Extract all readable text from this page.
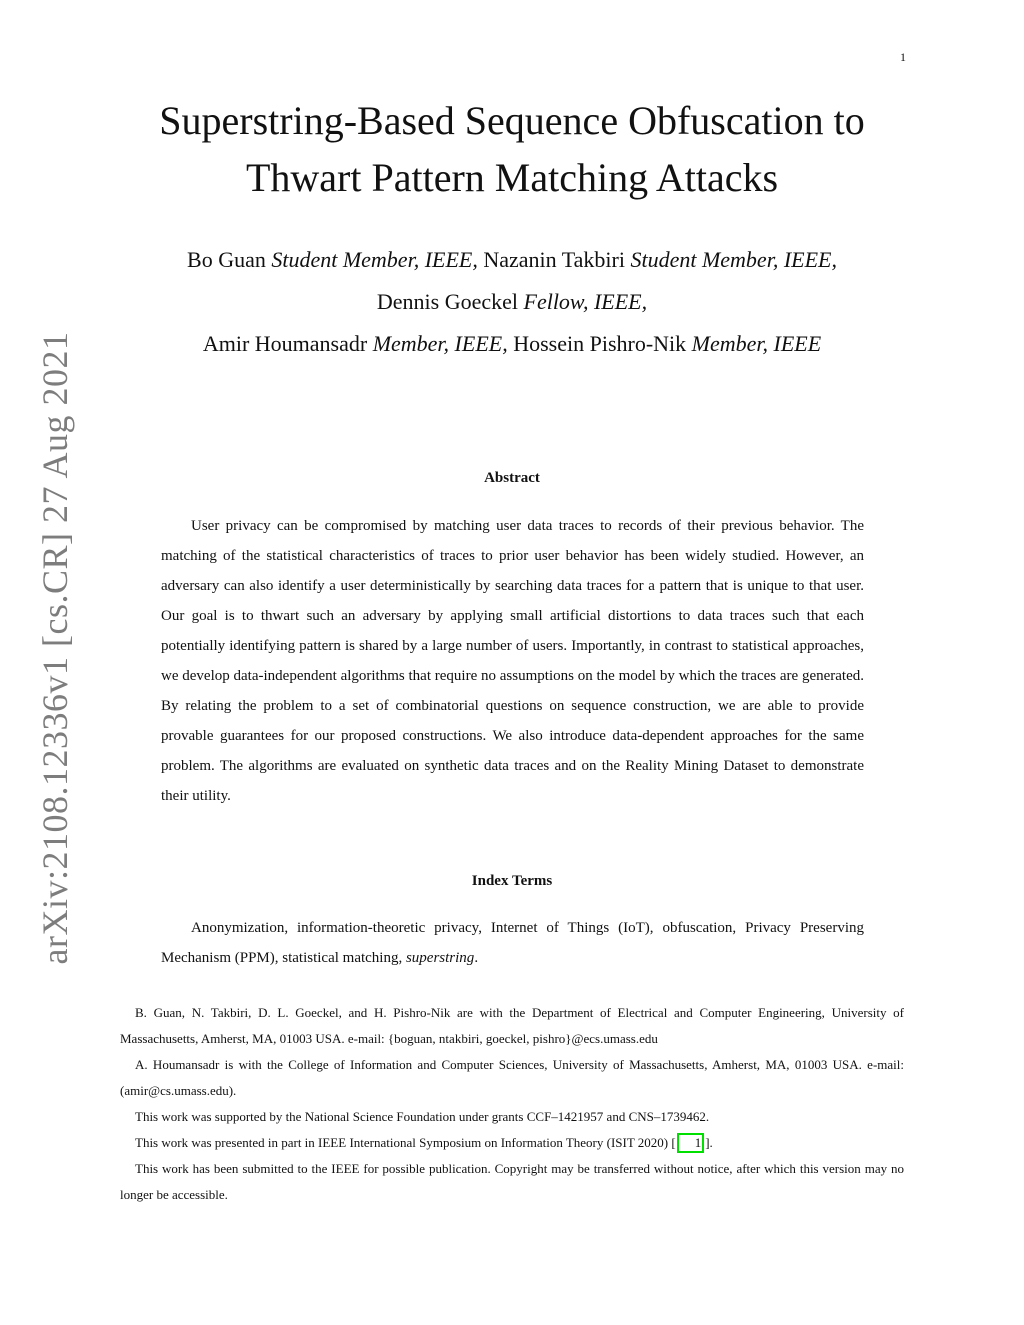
1
arXiv:2108.12336v1 [cs.CR] 27 Aug 2021
Superstring-Based Sequence Obfuscation to
Thwart Pattern Matching Attacks
Bo Guan Student Member, IEEE, Nazanin Takbiri Student Member, IEEE,
Dennis Goeckel Fellow, IEEE,
Amir Houmansadr Member, IEEE, Hossein Pishro-Nik Member, IEEE
Abstract

User privacy can be compromised by matching user data traces to records of their previous behavior. The matching of the statistical characteristics of traces to prior user behavior has been widely studied. However, an adversary can also identify a user deterministically by searching data traces for a pattern that is unique to that user. Our goal is to thwart such an adversary by applying small artificial distortions to data traces such that each potentially identifying pattern is shared by a large number of users. Importantly, in contrast to statistical approaches, we develop data-independent algorithms that require no assumptions on the model by which the traces are generated. By relating the problem to a set of combinatorial questions on sequence construction, we are able to provide provable guarantees for our proposed constructions. We also introduce data-dependent approaches for the same problem. The algorithms are evaluated on synthetic data traces and on the Reality Mining Dataset to demonstrate their utility.

Index Terms

Anonymization, information-theoretic privacy, Internet of Things (IoT), obfuscation, Privacy Preserving Mechanism (PPM), statistical matching, superstring.

B. Guan, N. Takbiri, D. L. Goeckel, and H. Pishro-Nik are with the Department of Electrical and Computer Engineering, University of Massachusetts, Amherst, MA, 01003 USA. e-mail: {boguan, ntakbiri, goeckel, pishro}@ecs.umass.edu

A. Houmansadr is with the College of Information and Computer Sciences, University of Massachusetts, Amherst, MA, 01003 USA. e-mail:(amir@cs.umass.edu).

This work was supported by the National Science Foundation under grants CCF–1421957 and CNS–1739462.

This work was presented in part in IEEE International Symposium on Information Theory (ISIT 2020) [ 1 ].

This work has been submitted to the IEEE for possible publication. Copyright may be transferred without notice, after which this version may no longer be accessible.
